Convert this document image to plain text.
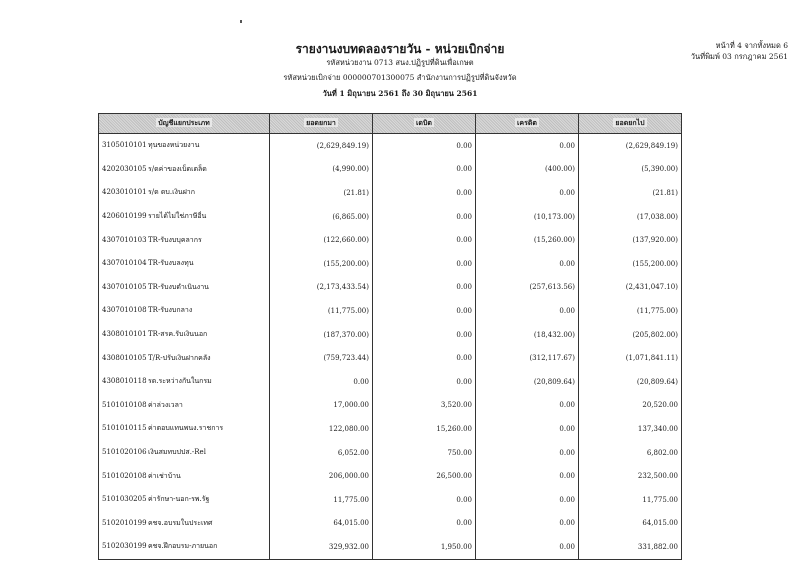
รายงานงบทดลองรายวัน - หน่วยเบิกจ่าย
รหัสหน่วยงาน 0713 สนง.ปฏิรูปที่ดินเพื่อเกษต
รหัสหน่วยเบิกจ่าย 000000701300075 สำนักงานการปฏิรูปที่ดินจังหวัด
วันที่ 1 มิถุนายน 2561 ถึง 30 มิถุนายน 2561
หน้าที่ 4 จากทั้งหมด 6
วันที่พิมพ์ 03 กรกฎาคม 2561
บัญชีแยกประเภท	ยอดยกมา	เดบิต	เครดิต	ยอดยกไป
3105010101ทุนของหน่วยงาน	(2,629,849.19)	0.00	0.00	(2,629,849.19)
4202030105ร/ดค่าของเบ็ดเตล็ด	(4,990.00)	0.00	(400.00)	(5,390.00)
4203010101ร/ด ดบ.เงินฝาก	(21.81)	0.00	0.00	(21.81)
4206010199รายได้ไม่ใช่ภาษีอื่น	(6,865.00)	0.00	(10,173.00)	(17,038.00)
4307010103TR-รับงบบุคลากร	(122,660.00)	0.00	(15,260.00)	(137,920.00)
4307010104TR-รับงบลงทุน	(155,200.00)	0.00	0.00	(155,200.00)
4307010105TR-รับงบดำเนินงาน	(2,173,433.54)	0.00	(257,613.56)	(2,431,047.10)
4307010108TR-รับงบกลาง	(11,775.00)	0.00	0.00	(11,775.00)
4308010101TR-สรค.รับเงินนอก	(187,370.00)	0.00	(18,432.00)	(205,802.00)
4308010105T/R-ปรับเงินฝากคลัง	(759,723.44)	0.00	(312,117.67)	(1,071,841.11)
4308010118รด.ระหว่างกันในกรม	0.00	0.00	(20,809.64)	(20,809.64)
5101010108ค่าล่วงเวลา	17,000.00	3,520.00	0.00	20,520.00
5101010115ค่าตอบแทนพนง.ราชการ	122,080.00	15,260.00	0.00	137,340.00
5101020106เงินสมทบปปส.-Rel	6,052.00	750.00	0.00	6,802.00
5101020108ค่าเช่าบ้าน	206,000.00	26,500.00	0.00	232,500.00
5101030205ค่ารักษา-นอก-รพ.รัฐ	11,775.00	0.00	0.00	11,775.00
5102010199คชจ.อบรมในประเทศ	64,015.00	0.00	0.00	64,015.00
5102030199คชจ.ฝึกอบรม-ภายนอก	329,932.00	1,950.00	0.00	331,882.00
